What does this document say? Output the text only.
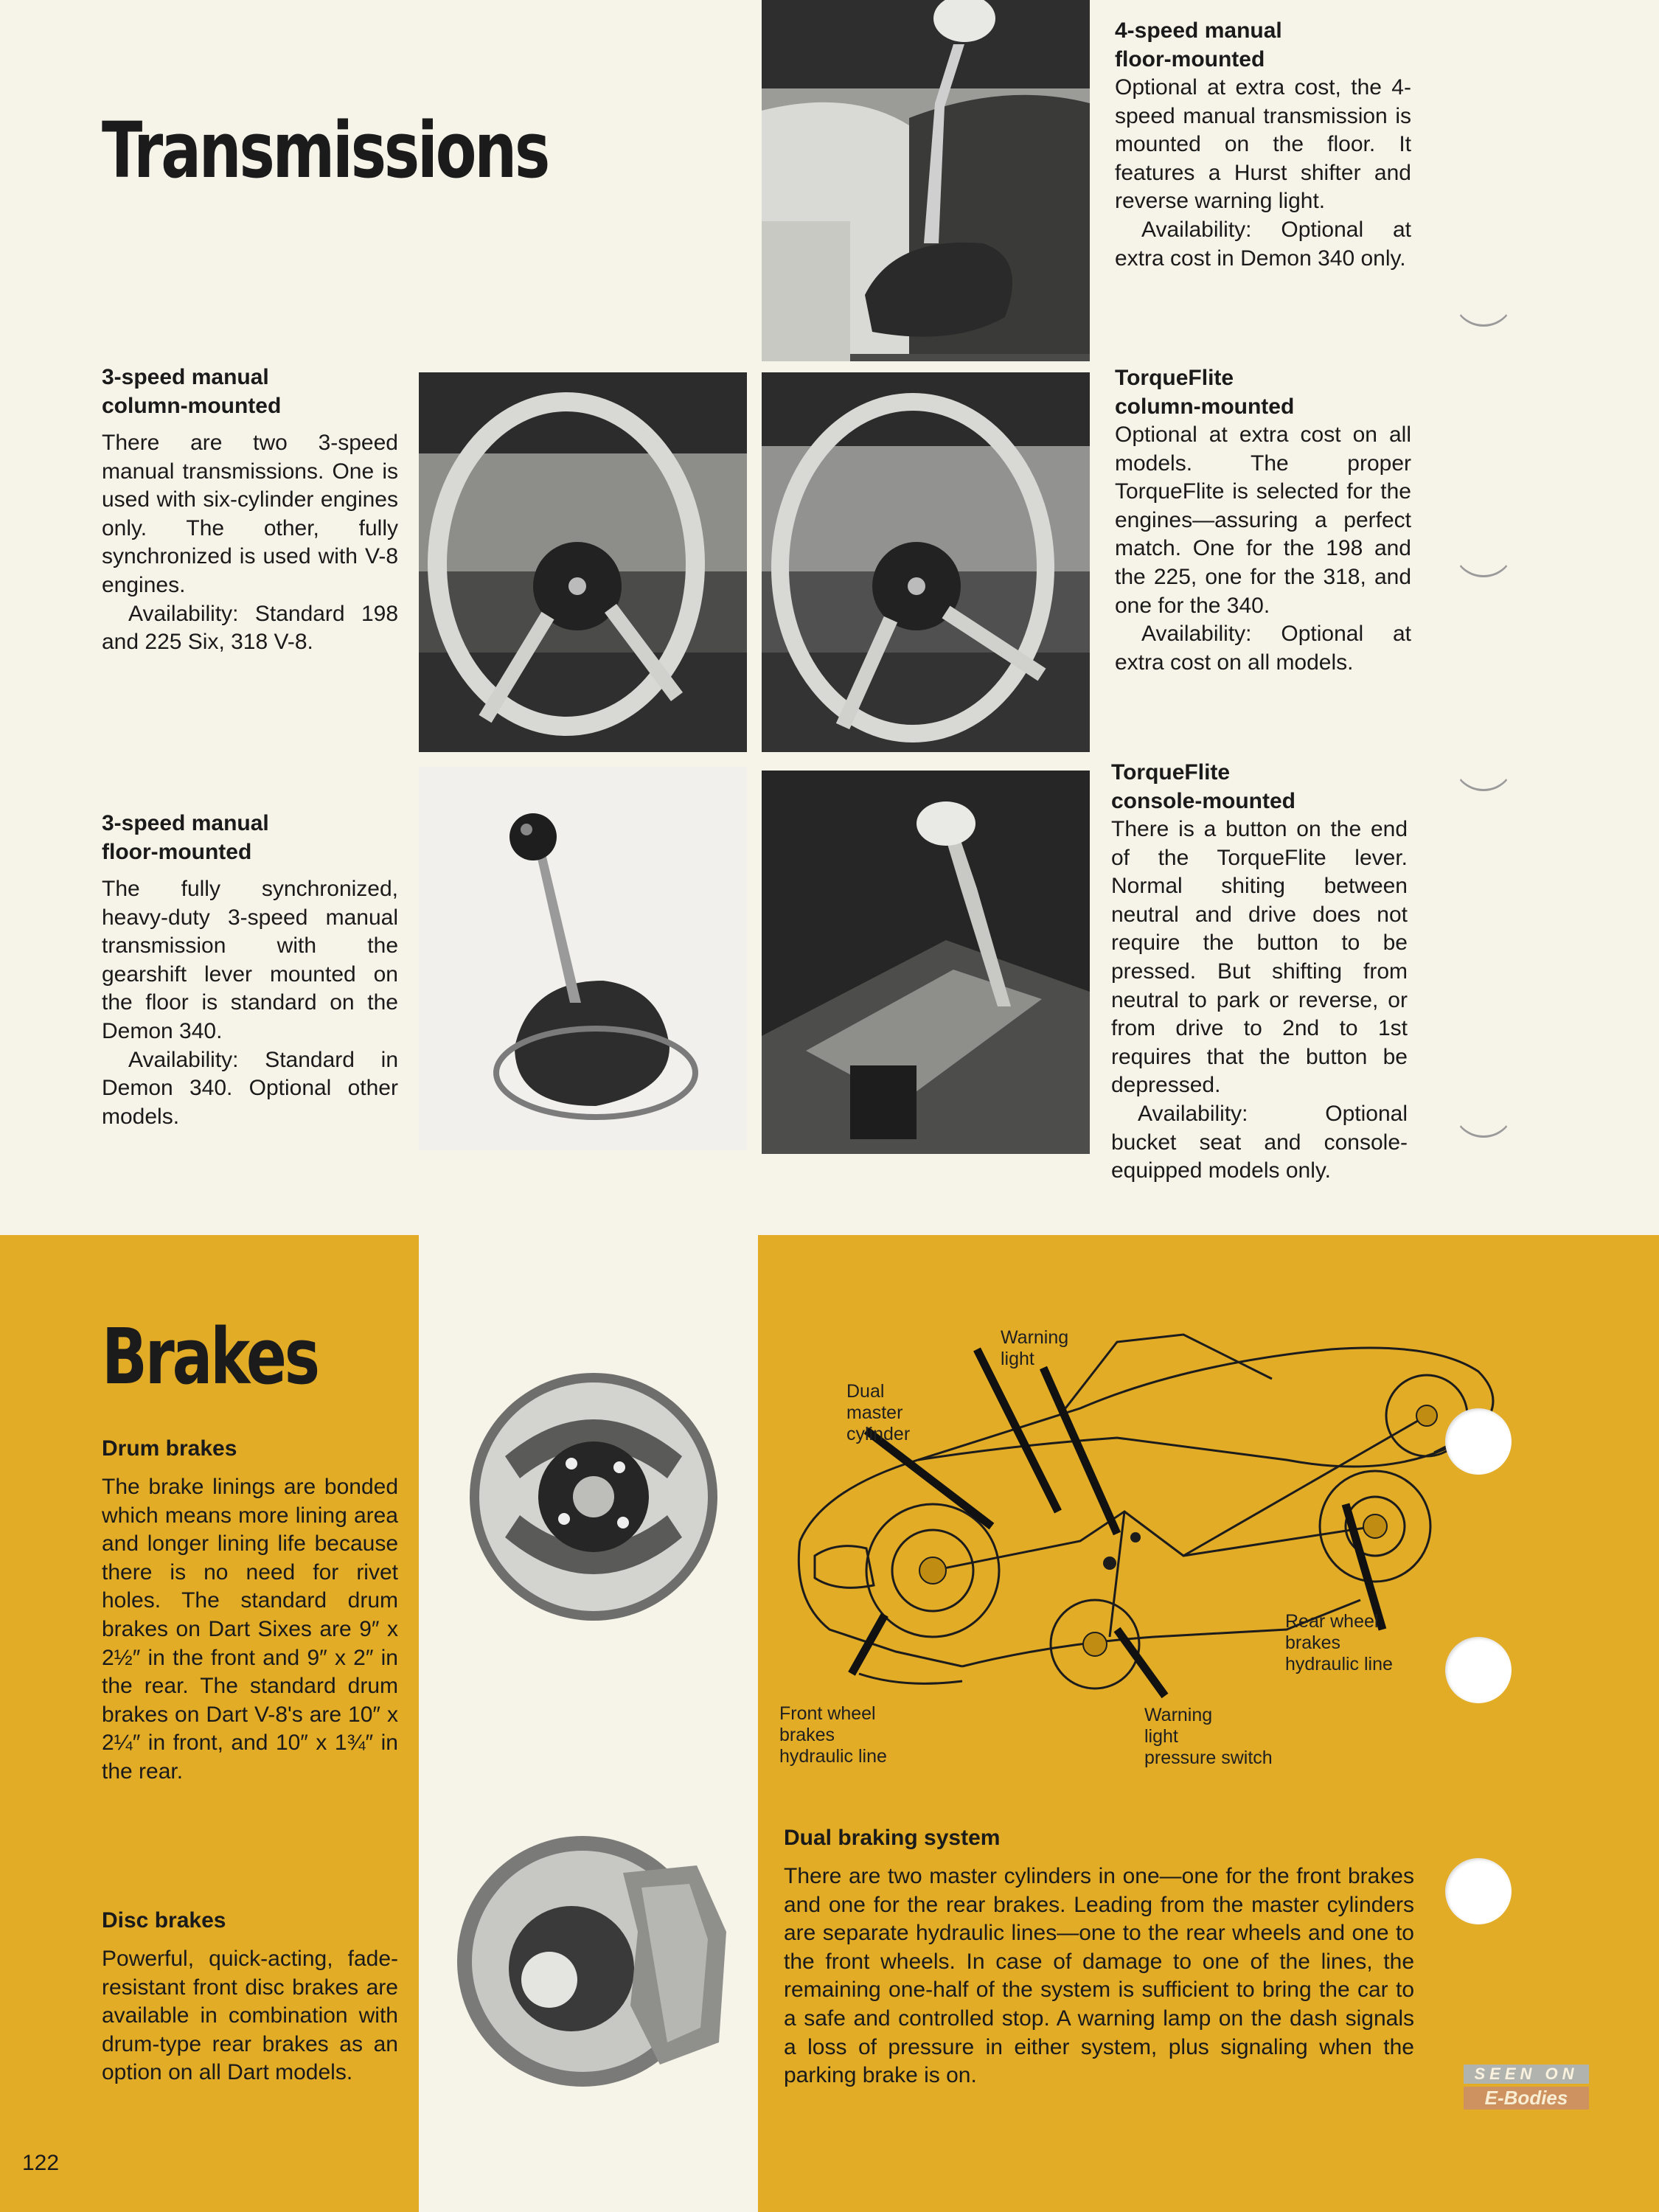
Transmissions

4-speed manual
floor-mounted

Optional at extra cost, the 4-speed manual transmission is mounted on the floor. It features a Hurst shifter and reverse warning light.

Availability: Optional at extra cost in Demon 340 only.

3-speed manual
column-mounted

There are two 3-speed manual transmissions. One is used with six-cylinder engines only. The other, fully synchronized is used with V-8 engines.

Availability: Standard 198 and 225 Six, 318 V-8.

TorqueFlite
column-mounted

Optional at extra cost on all models. The proper TorqueFlite is selected for the engines—assuring a perfect match. One for the 198 and the 225, one for the 318, and one for the 340.

Availability: Optional at extra cost on all models.

3-speed manual
floor-mounted

The fully synchronized, heavy-duty 3-speed manual transmission with the gearshift lever mounted on the floor is standard on the Demon 340.

Availability: Standard in Demon 340. Optional other models.

TorqueFlite
console-mounted

There is a button on the end of the TorqueFlite lever. Normal shiting between neutral and drive does not require the button to be pressed. But shifting from neutral to park or reverse, or from drive to 2nd to 1st requires that the button be depressed.

Availability: Optional bucket seat and console-equipped models only.

Brakes

Drum brakes

The brake linings are bonded which means more lining area and longer lining life because there is no need for rivet holes. The standard drum brakes on Dart Sixes are 9″ x 2½″ in the front and 9″ x 2″ in the rear. The standard drum brakes on Dart V-8's are 10″ x 2¼″ in front, and 10″ x 1¾″ in the rear.

Disc brakes

Powerful, quick-acting, fade-resistant front disc brakes are available in combination with drum-type rear brakes as an option on all Dart models.

Warning
light
Dual
master
cylinder
Rear wheel
brakes
hydraulic line
Front wheel
brakes
hydraulic line
Warning
light
pressure switch

Dual braking system

There are two master cylinders in one—one for the front brakes and one for the rear brakes. Leading from the master cylinders are separate hydraulic lines—one to the rear wheels and one to the front wheels. In case of damage to one of the lines, the remaining one-half of the system is sufficient to bring the car to a safe and controlled stop. A warning lamp on the dash signals a loss of pressure in either system, plus signaling when the parking brake is on.	SEEN ON
E-Bodies
122
